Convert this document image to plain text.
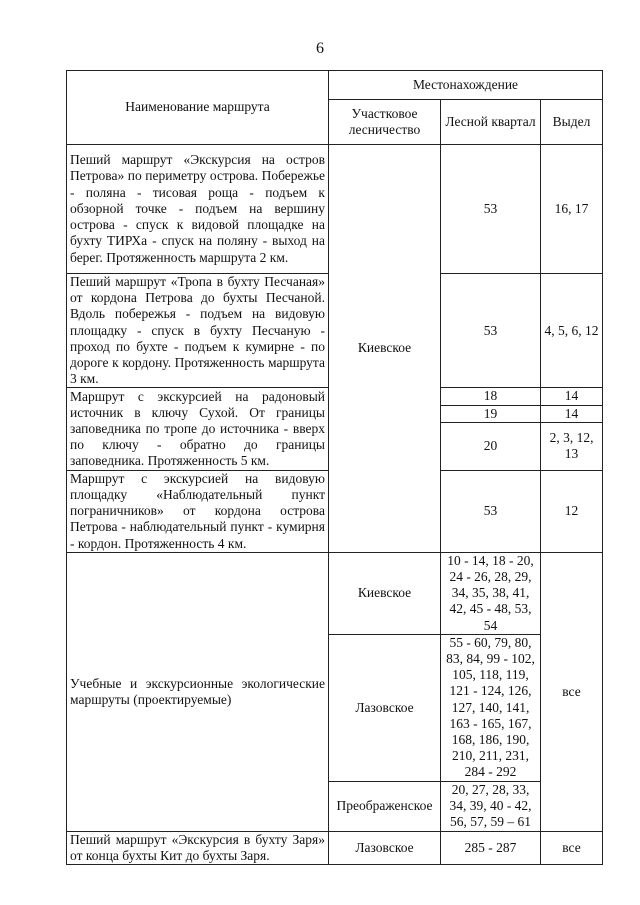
6
Наименование маршрута	Местонахождение		
	Участковое лесничество	Лесной квартал	Выдел
Пеший маршрут «Экскурсия на остров Петрова» по периметру острова. Побережье - поляна - тисовая роща - подъем к обзорной точке - подъем на вершину острова - спуск к видовой площадке на бухту ТИРХа - спуск на поляну - выход на берег. Протяженность маршрута 2 км.	Киевское	53	16, 17
Пеший маршрут «Тропа в бухту Песчаная» от кордона Петрова до бухты Песчаной. Вдоль побережья - подъем на видовую площадку - спуск в бухту Песчаную - проход по бухте - подъем к кумирне - по дороге к кордону. Протяженность маршрута 3 км.		53	4, 5, 6, 12
Маршрут с экскурсией на радоновый источник в ключу Сухой. От границы заповедника по тропе до источника - вверх по ключу - обратно до границы заповедника. Протяженность 5 км.		18	14
		19	14
		20	2, 3, 12, 13
Маршрут с экскурсией на видовую площадку «Наблюдательный пункт пограничников» от кордона острова Петрова - наблюдательный пункт - кумирня - кордон. Протяженность 4 км.		53	12
Учебные и экскурсионные экологические маршруты (проектируемые)	Киевское	10 - 14, 18 - 20, 24 - 26, 28, 29, 34, 35, 38, 41, 42, 45 - 48, 53, 54	все
	Лазовское	55 - 60, 79, 80, 83, 84, 99 - 102, 105, 118, 119, 121 - 124, 126, 127, 140, 141, 163 - 165, 167, 168, 186, 190, 210, 211, 231, 284 - 292	
	Преображенское	20, 27, 28, 33, 34, 39, 40 - 42, 56, 57, 59 – 61	
Пеший маршрут «Экскурсия в бухту Заря» от конца бухты Кит до бухты Заря.	Лазовское	285 - 287	все
